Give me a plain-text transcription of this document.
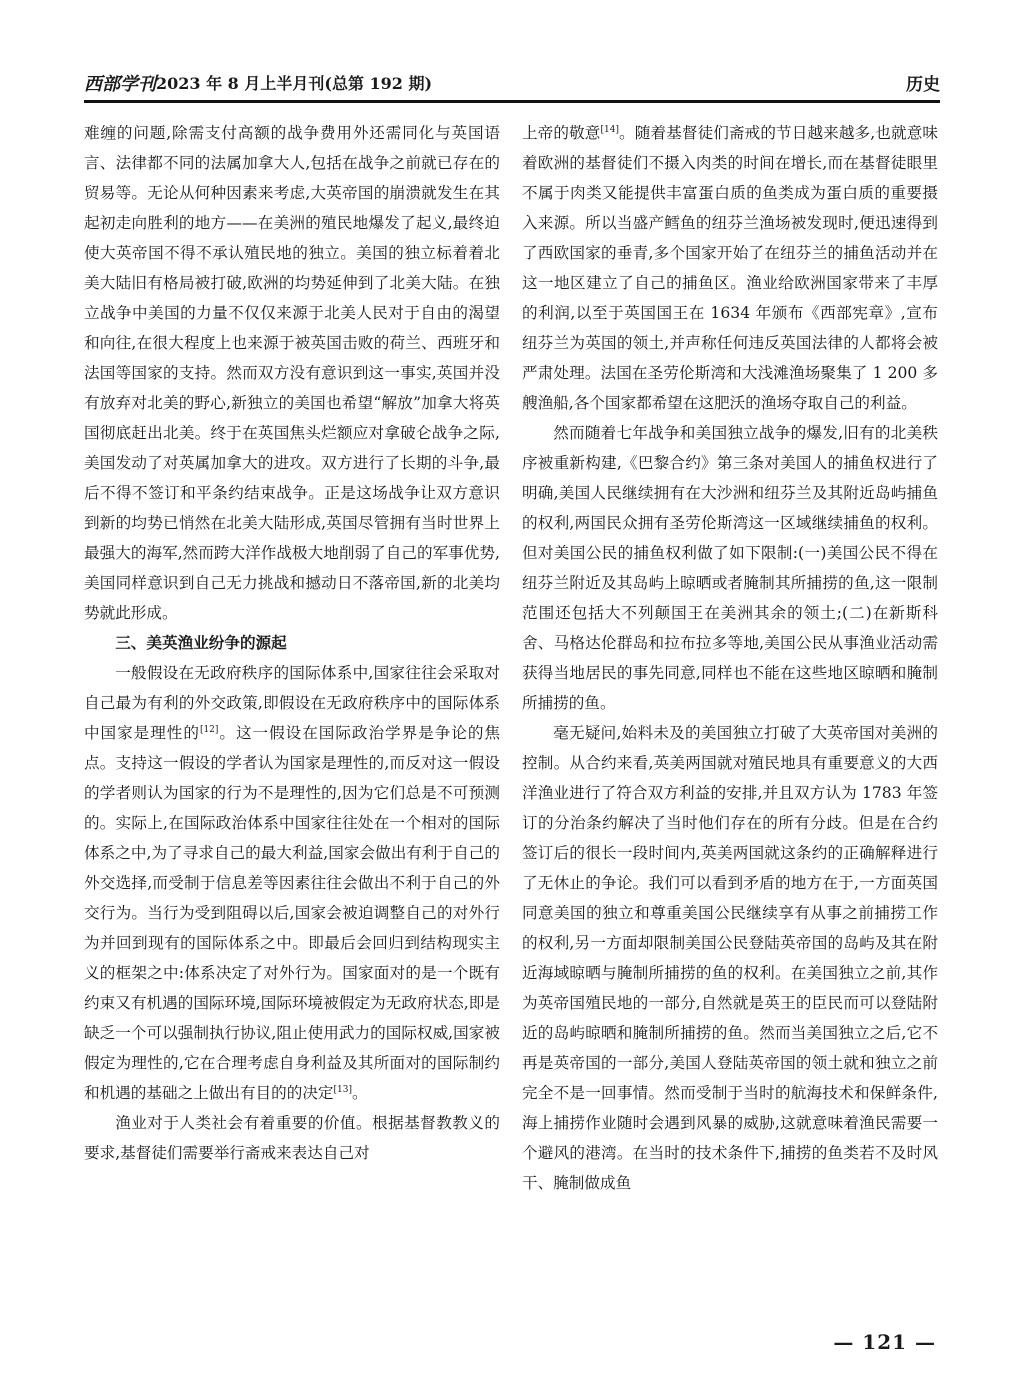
西部学刊 2023 年 8 月上半月刊(总第 192 期)	历史

难缠的问题,除需支付高额的战争费用外还需同化与英国语言、法律都不同的法属加拿大人,包括在战争之前就已存在的贸易等。无论从何种因素来考虑,大英帝国的崩溃就发生在其起初走向胜利的地方——在美洲的殖民地爆发了起义,最终迫使大英帝国不得不承认殖民地的独立。美国的独立标着着北美大陆旧有格局被打破,欧洲的均势延伸到了北美大陆。在独立战争中美国的力量不仅仅来源于北美人民对于自由的渴望和向往,在很大程度上也来源于被英国击败的荷兰、西班牙和法国等国家的支持。然而双方没有意识到这一事实,英国并没有放弃对北美的野心,新独立的美国也希望“解放”加拿大将英国彻底赶出北美。终于在英国焦头烂额应对拿破仑战争之际,美国发动了对英属加拿大的进攻。双方进行了长期的斗争,最后不得不签订和平条约结束战争。正是这场战争让双方意识到新的均势已悄然在北美大陆形成,英国尽管拥有当时世界上最强大的海军,然而跨大洋作战极大地削弱了自己的军事优势,美国同样意识到自己无力挑战和撼动日不落帝国,新的北美均势就此形成。

三、美英渔业纷争的源起

一般假设在无政府秩序的国际体系中,国家往往会采取对自己最为有利的外交政策,即假设在无政府秩序中的国际体系中国家是理性的[12]。这一假设在国际政治学界是争论的焦点。支持这一假设的学者认为国家是理性的,而反对这一假设的学者则认为国家的行为不是理性的,因为它们总是不可预测的。实际上,在国际政治体系中国家往往处在一个相对的国际体系之中,为了寻求自己的最大利益,国家会做出有利于自己的外交选择,而受制于信息差等因素往往会做出不利于自己的外交行为。当行为受到阻碍以后,国家会被迫调整自己的对外行为并回到现有的国际体系之中。即最后会回归到结构现实主义的框架之中:体系决定了对外行为。国家面对的是一个既有约束又有机遇的国际环境,国际环境被假定为无政府状态,即是缺乏一个可以强制执行协议,阻止使用武力的国际权威,国家被假定为理性的,它在合理考虑自身利益及其所面对的国际制约和机遇的基础之上做出有目的的决定[13]。

渔业对于人类社会有着重要的价值。根据基督教教义的要求,基督徒们需要举行斋戒来表达自己对

上帝的敬意[14]。随着基督徒们斋戒的节日越来越多,也就意味着欧洲的基督徒们不摄入肉类的时间在增长,而在基督徒眼里不属于肉类又能提供丰富蛋白质的鱼类成为蛋白质的重要摄入来源。所以当盛产鳕鱼的纽芬兰渔场被发现时,便迅速得到了西欧国家的垂青,多个国家开始了在纽芬兰的捕鱼活动并在这一地区建立了自己的捕鱼区。渔业给欧洲国家带来了丰厚的利润,以至于英国国王在 1634 年颁布《西部宪章》,宣布纽芬兰为英国的领土,并声称任何违反英国法律的人都将会被严肃处理。法国在圣劳伦斯湾和大浅滩渔场聚集了 1 200 多艘渔船,各个国家都希望在这肥沃的渔场夺取自己的利益。

然而随着七年战争和美国独立战争的爆发,旧有的北美秩序被重新构建,《巴黎合约》第三条对美国人的捕鱼权进行了明确,美国人民继续拥有在大沙洲和纽芬兰及其附近岛屿捕鱼的权利,两国民众拥有圣劳伦斯湾这一区域继续捕鱼的权利。但对美国公民的捕鱼权利做了如下限制:(一)美国公民不得在纽芬兰附近及其岛屿上晾晒或者腌制其所捕捞的鱼,这一限制范围还包括大不列颠国王在美洲其余的领土;(二)在新斯科舍、马格达伦群岛和拉布拉多等地,美国公民从事渔业活动需获得当地居民的事先同意,同样也不能在这些地区晾晒和腌制所捕捞的鱼。

毫无疑问,始料未及的美国独立打破了大英帝国对美洲的控制。从合约来看,英美两国就对殖民地具有重要意义的大西洋渔业进行了符合双方利益的安排,并且双方认为 1783 年签订的分治条约解决了当时他们存在的所有分歧。但是在合约签订后的很长一段时间内,英美两国就这条约的正确解释进行了无休止的争论。我们可以看到矛盾的地方在于,一方面英国同意美国的独立和尊重美国公民继续享有从事之前捕捞工作的权利,另一方面却限制美国公民登陆英帝国的岛屿及其在附近海域晾晒与腌制所捕捞的鱼的权利。在美国独立之前,其作为英帝国殖民地的一部分,自然就是英王的臣民而可以登陆附近的岛屿晾晒和腌制所捕捞的鱼。然而当美国独立之后,它不再是英帝国的一部分,美国人登陆英帝国的领土就和独立之前完全不是一回事情。然而受制于当时的航海技术和保鲜条件,海上捕捞作业随时会遇到风暴的威胁,这就意味着渔民需要一个避风的港湾。在当时的技术条件下,捕捞的鱼类若不及时风干、腌制做成鱼

— 121 —
